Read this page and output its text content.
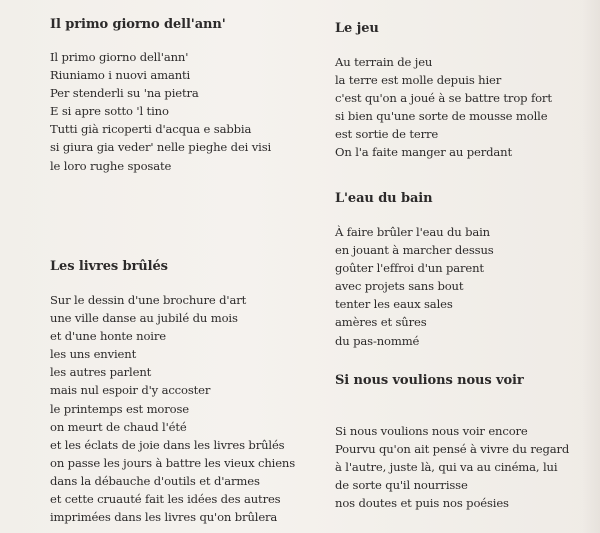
Il primo giorno dell'ann'
Il primo giorno dell'ann'
Riuniamo i nuovi amanti
Per stenderli su 'na pietra
E si apre sotto 'l tino
Tutti già ricoperti d'acqua e sabbia
si giura gia veder' nelle pieghe dei visi
le loro rughe sposate
Les livres brûlés
Sur le dessin d'une brochure d'art
une ville danse au jubilé du mois
et d'une honte noire
les uns envient
les autres parlent
mais nul espoir d'y accoster
le printemps est morose
on meurt de chaud l'été
et les éclats de joie dans les livres brûlés
on passe les jours à battre les vieux chiens
dans la débauche d'outils et d'armes
et cette cruauté fait les idées des autres
imprimées dans les livres qu'on brûlera
Le jeu
Au terrain de jeu
la terre est molle depuis hier
c'est qu'on a joué à se battre trop fort
si bien qu'une sorte de mousse molle
est sortie de terre
On l'a faite manger au perdant
L'eau du bain
À faire brûler l'eau du bain
en jouant à marcher dessus
goûter l'effroi d'un parent
avec projets sans bout
tenter les eaux sales
amères et sûres
du pas-nommé
Si nous voulions nous voir
Si nous voulions nous voir encore
Pourvu qu'on ait pensé à vivre du regard
à l'autre, juste là, qui va au cinéma, lui
de sorte qu'il nourrisse
nos doutes et puis nos poésies
